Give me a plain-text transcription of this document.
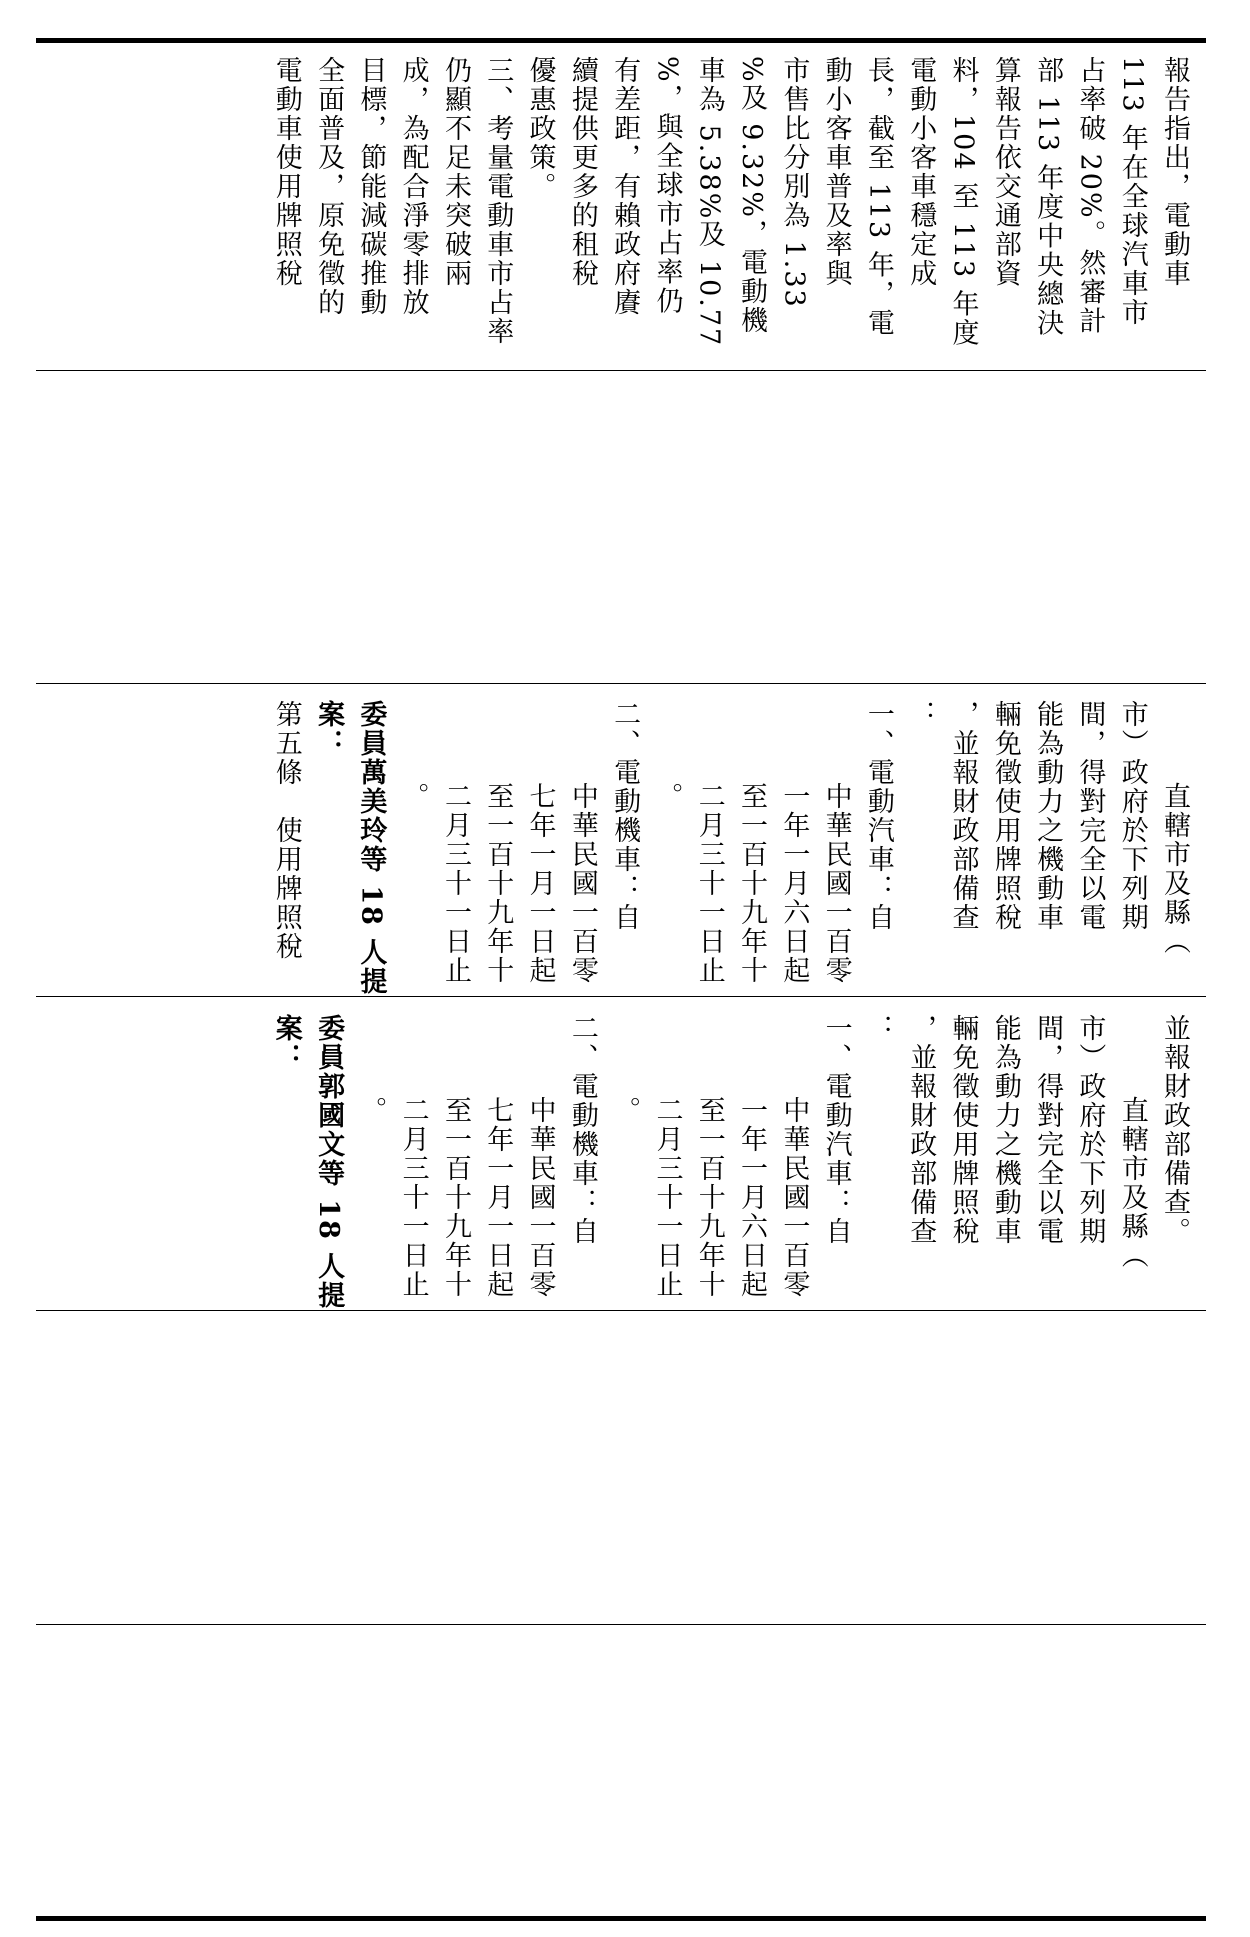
報告指出，電動車

113 年在全球汽車市

占率破 20%。然審計

部 113 年度中央總決

算報告依交通部資

料，104 至 113 年度

電動小客車穩定成

長，截至 113 年，電

動小客車普及率與

市售比分別為 1.33

%及 9.32%，電動機

車為 5.38%及 10.77

%，與全球市占率仍

有差距，有賴政府賡

續提供更多的租稅

優惠政策。

三、考量電動車市占率

仍顯不足未突破兩

成，為配合淨零排放

目標，節能減碳推動

全面普及，原免徵的

電動車使用牌照稅

直轄市及縣（

市）政府於下列期

間，得對完全以電

能為動力之機動車

輛免徵使用牌照稅

，並報財政部備查

：

一、電動汽車：自

中華民國一百零

一年一月六日起

至一百十九年十

二月三十一日止

。

二、電動機車：自

中華民國一百零

七年一月一日起

至一百十九年十

二月三十一日止

。

委員萬美玲等 18 人提

案：

第五條　使用牌照稅

並報財政部備查。

直轄市及縣（

市）政府於下列期

間，得對完全以電

能為動力之機動車

輛免徵使用牌照稅

，並報財政部備查

：

一、電動汽車：自

中華民國一百零

一年一月六日起

至一百十九年十

二月三十一日止

。

二、電動機車：自

中華民國一百零

七年一月一日起

至一百十九年十

二月三十一日止

。

委員郭國文等 18 人提

案：
